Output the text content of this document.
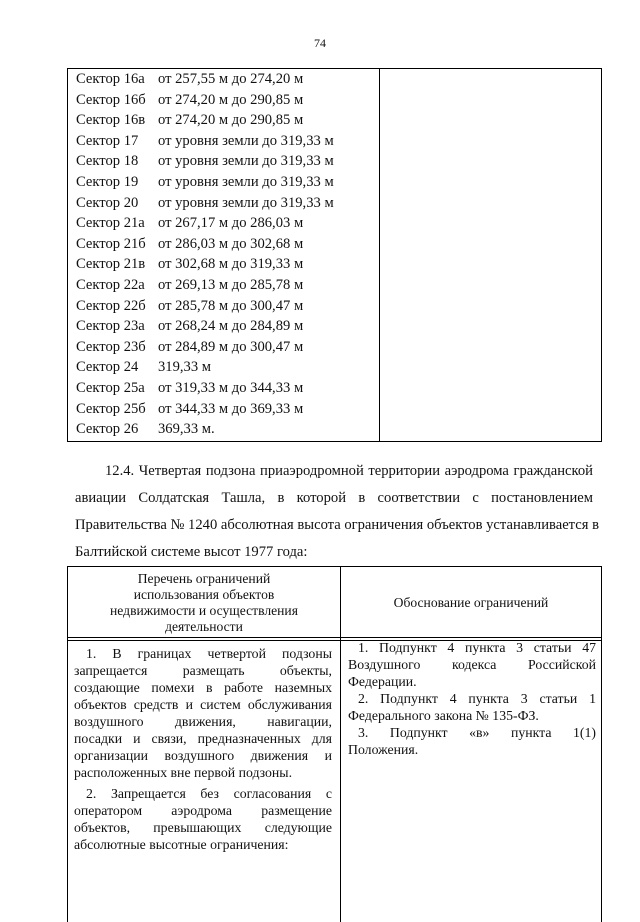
74
Сектор 16а от 257,55 м до 274,20 м
Сектор 16б от 274,20 м до 290,85 м
Сектор 16в от 274,20 м до 290,85 м
Сектор 17 от уровня земли до 319,33 м
Сектор 18 от уровня земли до 319,33 м
Сектор 19 от уровня земли до 319,33 м
Сектор 20 от уровня земли до 319,33 м
Сектор 21а от 267,17 м до 286,03 м
Сектор 21б от 286,03 м до 302,68 м
Сектор 21в от 302,68 м до 319,33 м
Сектор 22а от 269,13 м до 285,78 м
Сектор 22б от 285,78 м до 300,47 м
Сектор 23а от 268,24 м до 284,89 м
Сектор 23б от 284,89 м до 300,47 м
Сектор 24 319,33 м
Сектор 25а от 319,33 м до 344,33 м
Сектор 25б от 344,33 м до 369,33 м
Сектор 26 369,33 м.
12.4. Четвертая подзона приаэродромной территории аэродрома гражданской
авиации Солдатская Ташла, в которой в соответствии с постановлением
Правительства № 1240 абсолютная высота ограничения объектов устанавливается в
Балтийской системе высот 1977 года:
Перечень ограничений
использования объектов
недвижимости и осуществления
деятельности
Обоснование ограничений
1. В границах четвертой подзоны
запрещается размещать объекты,
создающие помехи в работе наземных
объектов средств и систем обслуживания
воздушного движения, навигации,
посадки и связи, предназначенных для
организации воздушного движения и
расположенных вне первой подзоны.
2. Запрещается без согласования с
оператором аэродрома размещение
объектов, превышающих следующие
абсолютные высотные ограничения:
1. Подпункт 4 пункта 3 статьи 47
Воздушного кодекса Российской
Федерации.
2. Подпункт 4 пункта 3 статьи 1
Федерального закона № 135-ФЗ.
3. Подпункт «в» пункта 1(1)
Положения.
